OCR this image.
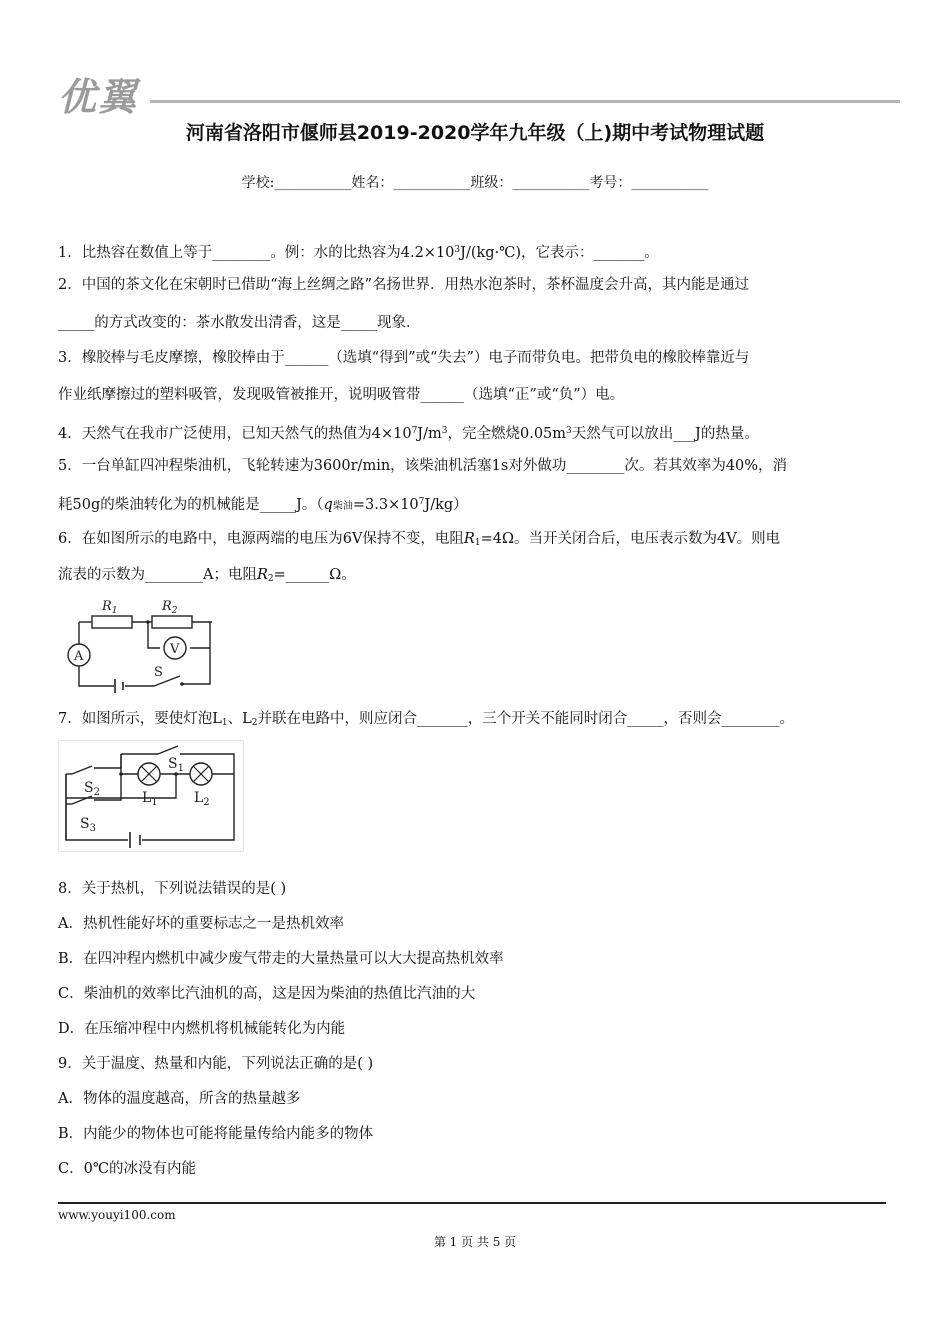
优翼
河南省洛阳市偃师县2019-2020学年九年级（上)期中考试物理试题
学校:___________姓名：___________班级：___________考号：___________
1．比热容在数值上等于________。例：水的比热容为$4.2\times 10^3J/(kg\cdot℃)$，它表示：_______。
2．中国的茶文化在宋朝时已借助“海上丝绸之路”名扬世界．用热水泡茶时，茶杯温度会升高，其内能是通过
_____的方式改变的：茶水散发出清香，这是_____现象．
3．橡胶棒与毛皮摩擦，橡胶棒由于______（选填“得到”或“失去”）电子而带负电。把带负电的橡胶棒靠近与
作业纸摩擦过的塑料吸管，发现吸管被推开，说明吸管带______（选填“正”或“负”）电。
4．天然气在我市广泛使用，已知天然气的热值为$4\times 10^7J/m^3$，完全燃烧$0.05m^3$天然气可以放出___J的热量。
5．一台单缸四冲程柴油机，飞轮转速为3600r/min，该柴油机活塞1s对外做功________次。若其效率为40%，消
耗50g的柴油转化为的机械能是_____J。（q柴油$=3.3\times 10^7J/kg$）
6．在如图所示的电路中，电源两端的电压为6V保持不变，电阻$R_1=4\Omega$。当开关闭合后，电压表示数为4V。则电
流表的示数为________A；电阻$R_2=\_\_\_\_\_\_\Omega$。
$R_1$	$R_2$
A	V
S
7．如图所示，要使灯泡$L_1$、$L_2$并联在电路中，则应闭合_______，三个开关不能同时闭合_____，否则会________。
$S_1$
$S_2$
$S_3$
$L_1$	$L_2$
8．关于热机，下列说法错误的是( )
A．热机性能好坏的重要标志之一是热机效率
B．在四冲程内燃机中减少废气带走的大量热量可以大大提高热机效率
C．柴油机的效率比汽油机的高，这是因为柴油的热值比汽油的大
D．在压缩冲程中内燃机将机械能转化为内能
9．关于温度、热量和内能，下列说法正确的是( )
A．物体的温度越高，所含的热量越多
B．内能少的物体也可能将能量传给内能多的物体
C．0℃的冰没有内能
www.youyi100.com
第 1 页 共 5 页
